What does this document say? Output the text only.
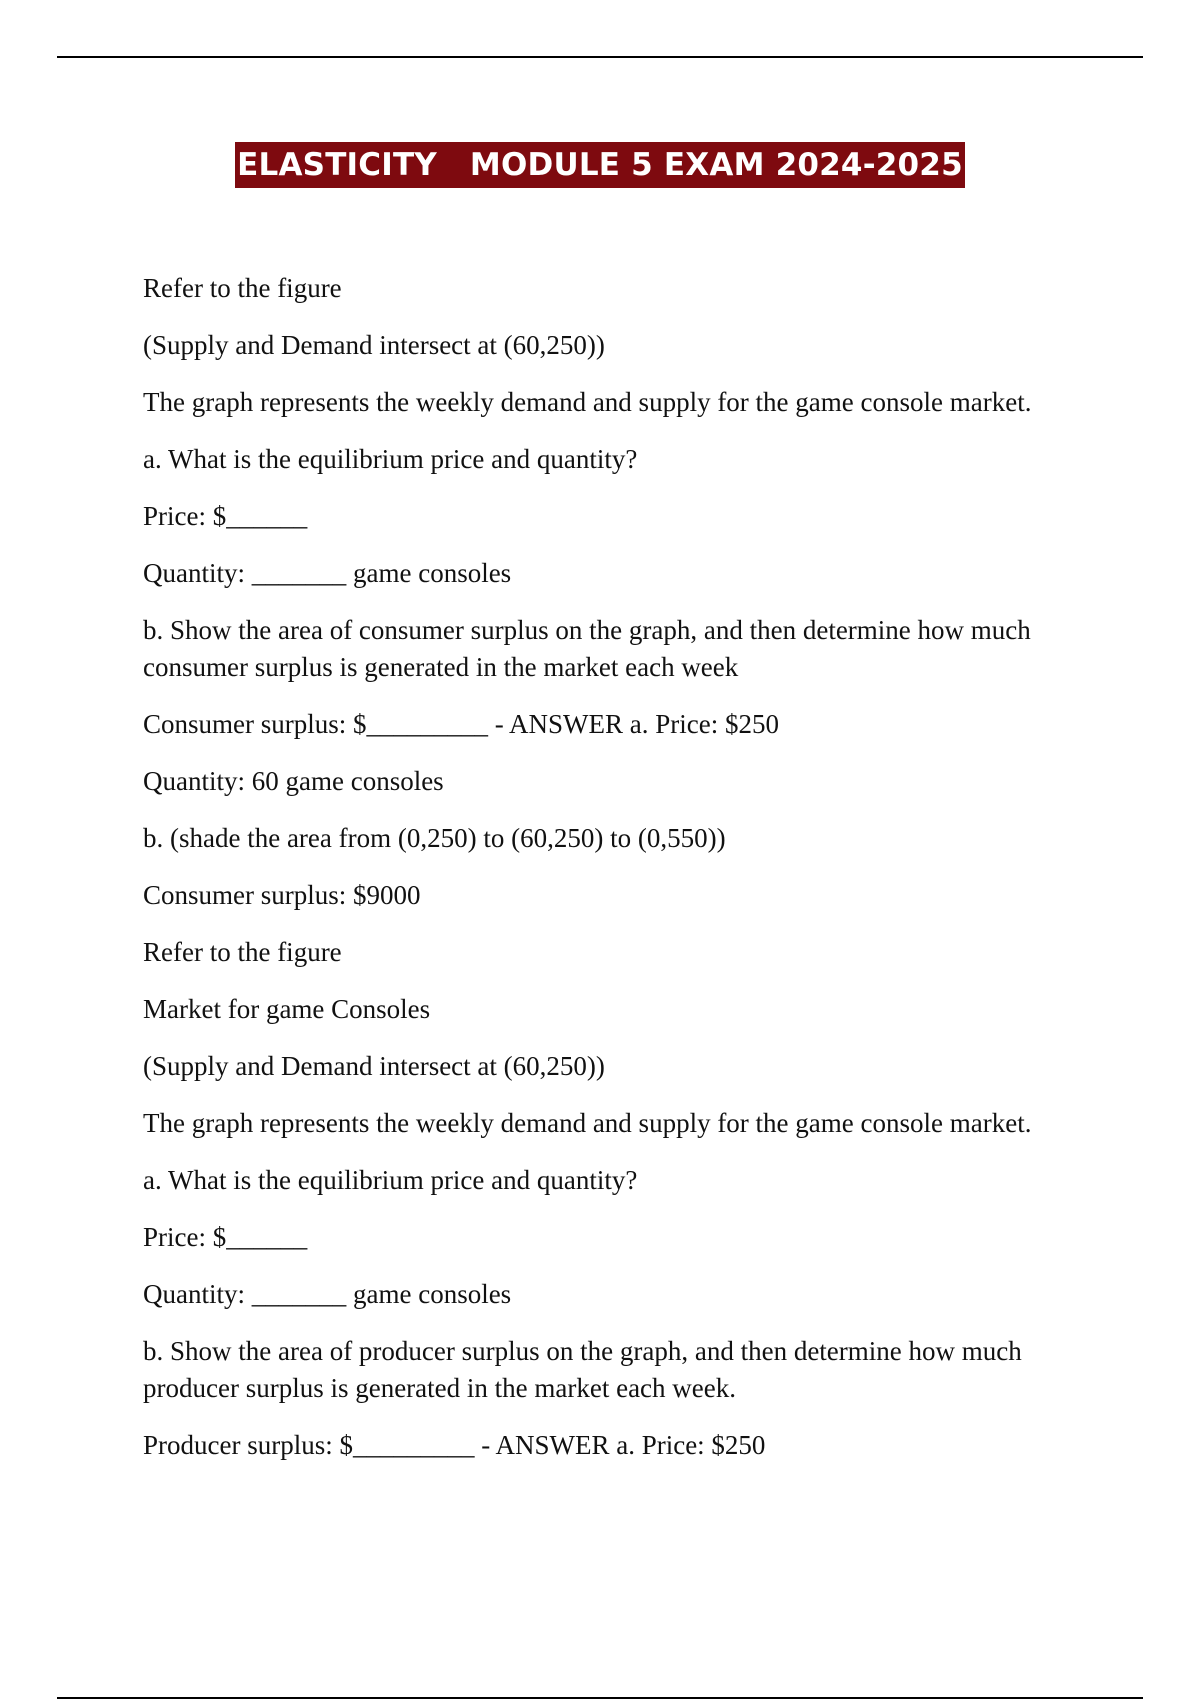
ELASTICITY   MODULE 5 EXAM 2024-2025

Refer to the figure

(Supply and Demand intersect at (60,250))

The graph represents the weekly demand and supply for the game console market.

a. What is the equilibrium price and quantity?

Price: $______

Quantity: _______ game consoles

b. Show the area of consumer surplus on the graph, and then determine how much consumer surplus is generated in the market each week

Consumer surplus: $_________ - ANSWER a. Price: $250

Quantity: 60 game consoles

b. (shade the area from (0,250) to (60,250) to (0,550))

Consumer surplus: $9000

Refer to the figure

Market for game Consoles

(Supply and Demand intersect at (60,250))

The graph represents the weekly demand and supply for the game console market.

a. What is the equilibrium price and quantity?

Price: $______

Quantity: _______ game consoles

b. Show the area of producer surplus on the graph, and then determine how much producer surplus is generated in the market each week.

Producer surplus: $_________ - ANSWER a. Price: $250
